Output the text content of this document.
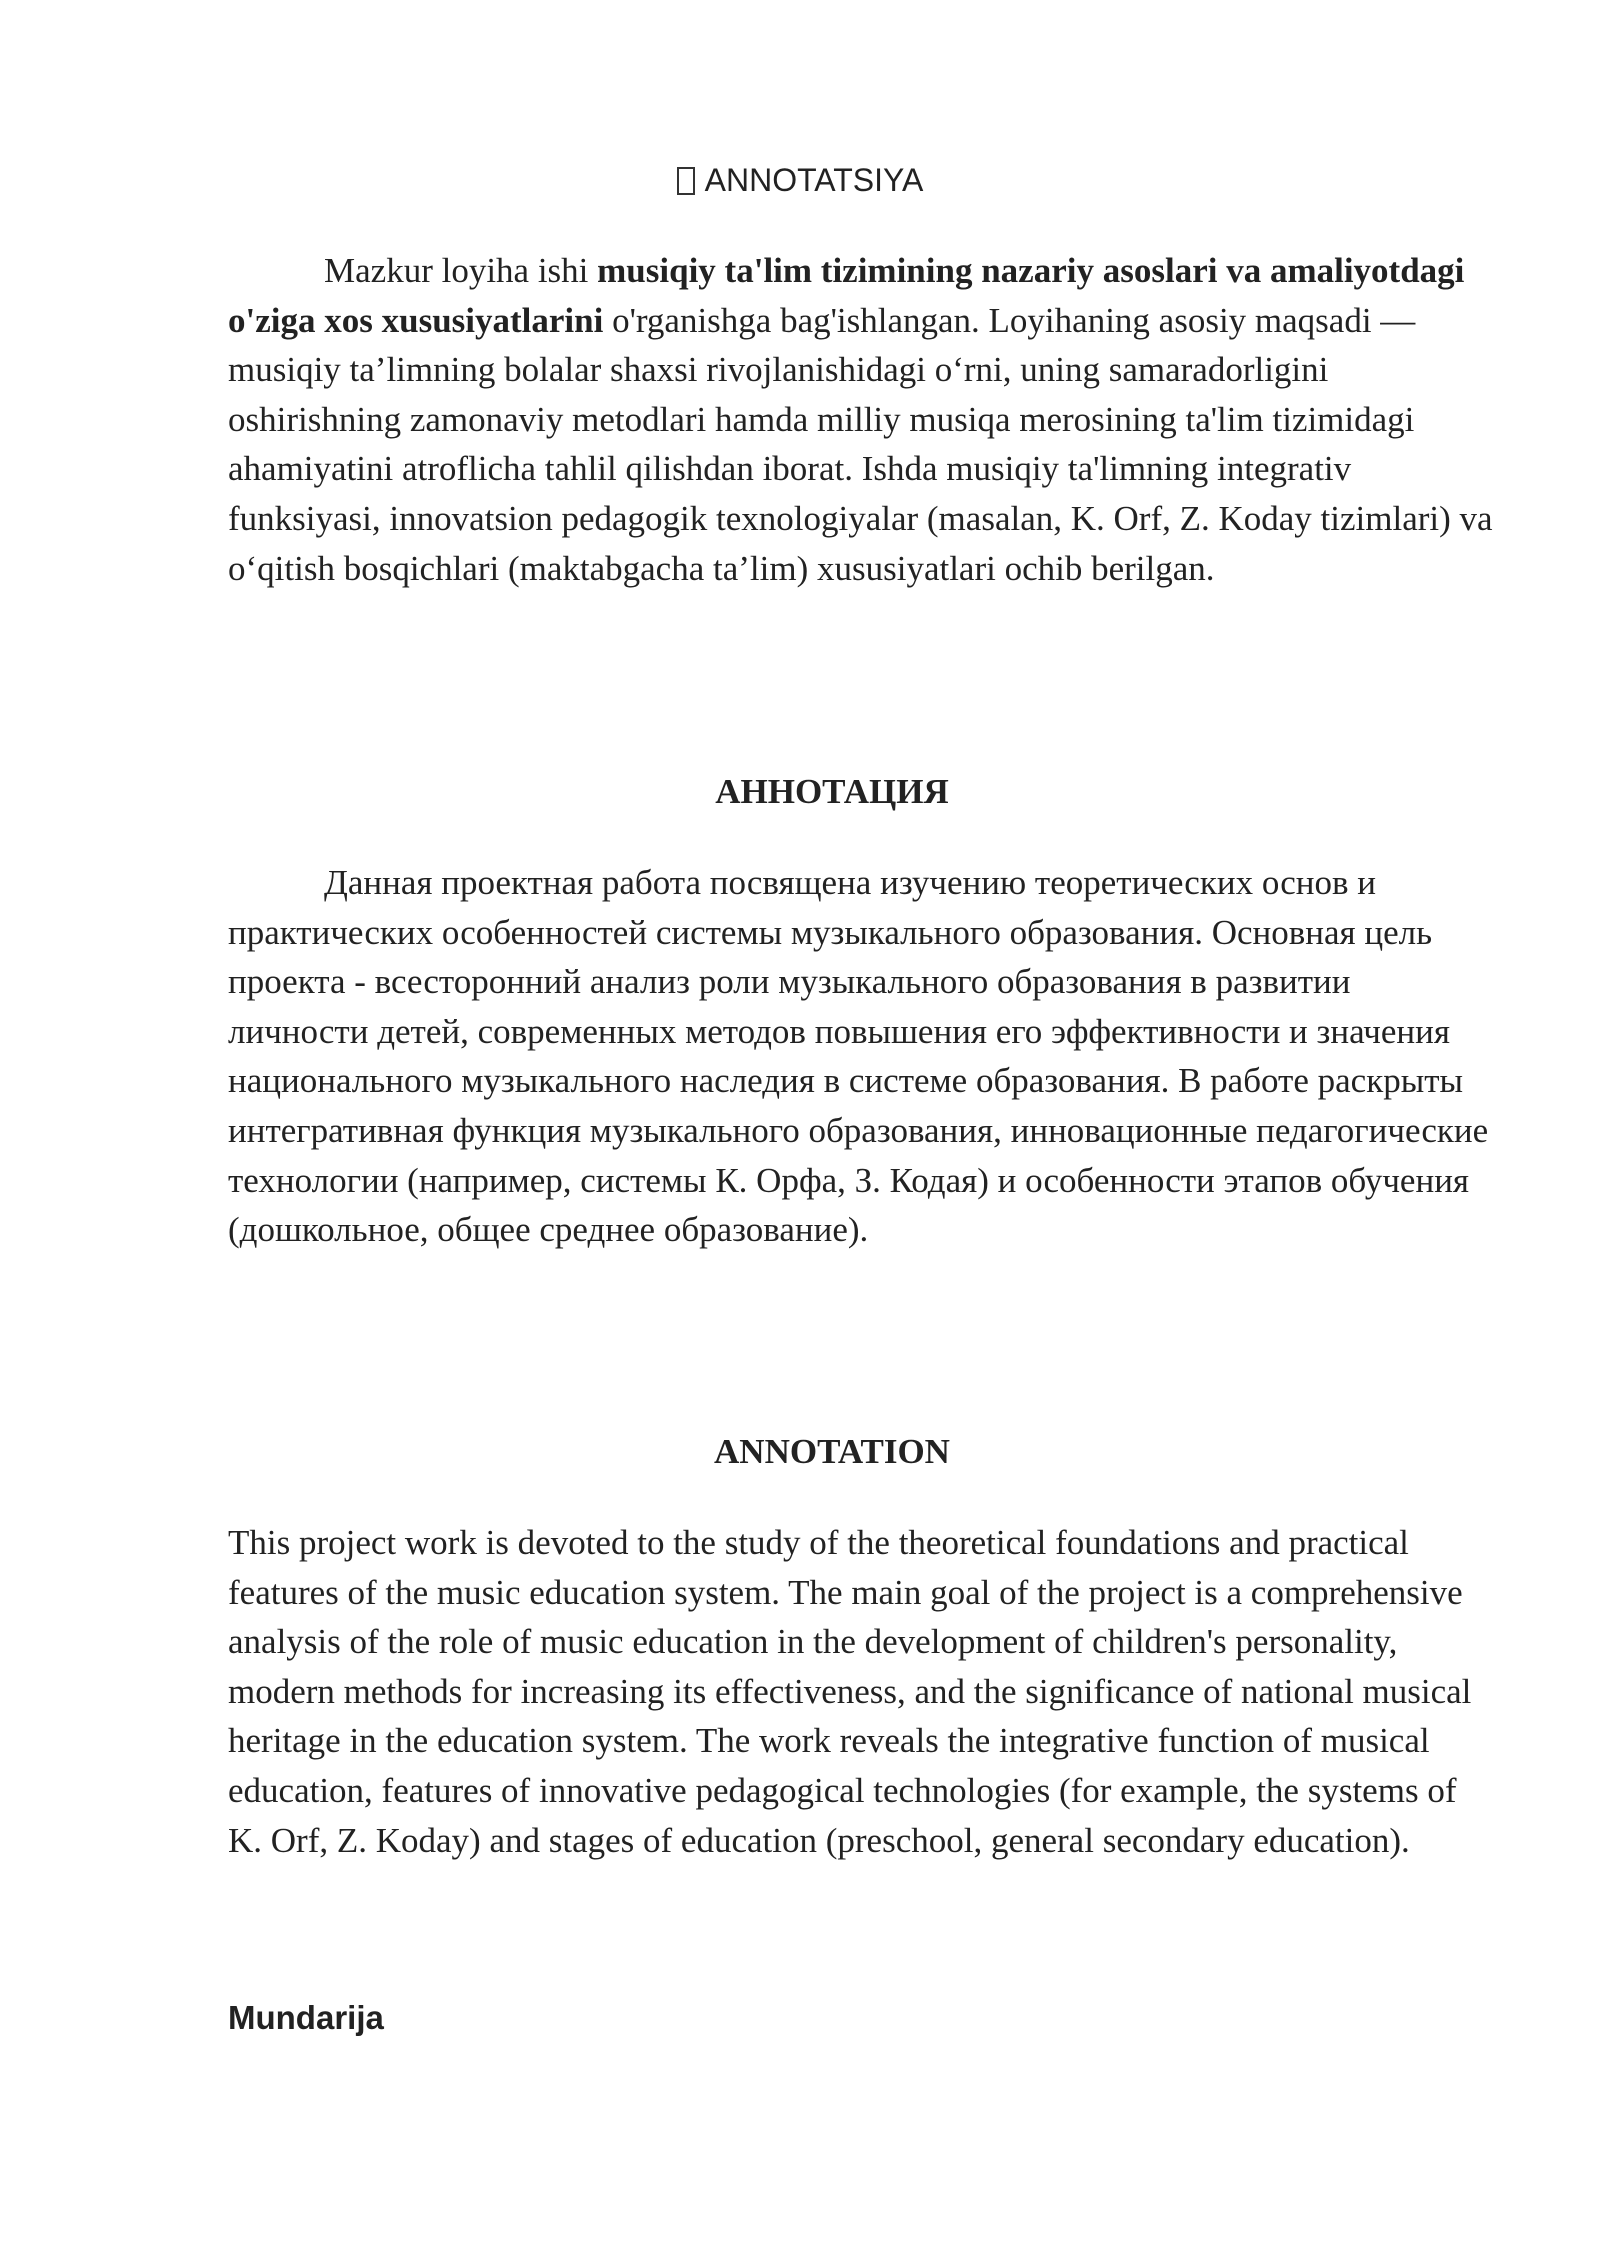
ANNOTATSIYA

Mazkur loyiha ishi musiqiy ta'lim tizimining nazariy asoslari va amaliyotdagi o'ziga xos xususiyatlarini o'rganishga bag'ishlangan. Loyihaning asosiy maqsadi — musiqiy ta’limning bolalar shaxsi rivojlanishidagi o‘rni, uning samaradorligini oshirishning zamonaviy metodlari hamda milliy musiqa merosining ta'lim tizimidagi ahamiyatini atroflicha tahlil qilishdan iborat. Ishda musiqiy ta'limning integrativ funksiyasi, innovatsion pedagogik texnologiyalar (masalan, K. Orf, Z. Koday tizimlari) va o‘qitish bosqichlari (maktabgacha ta’lim) xususiyatlari ochib berilgan.

АННОТАЦИЯ

Данная проектная работа посвящена изучению теоретических основ и практических особенностей системы музыкального образования. Основная цель проекта - всесторонний анализ роли музыкального образования в развитии личности детей, современных методов повышения его эффективности и значения национального музыкального наследия в системе образования. В работе раскрыты интегративная функция музыкального образования, инновационные педагогические технологии (например, системы К. Орфа, З. Кодая) и особенности этапов обучения (дошкольное, общее среднее образование).

ANNOTATION

This project work is devoted to the study of the theoretical foundations and practical features of the music education system. The main goal of the project is a comprehensive analysis of the role of music education in the development of children's personality, modern methods for increasing its effectiveness, and the significance of national musical heritage in the education system. The work reveals the integrative function of musical education, features of innovative pedagogical technologies (for example, the systems of K. Orf, Z. Koday) and stages of education (preschool, general secondary education).

Mundarija
